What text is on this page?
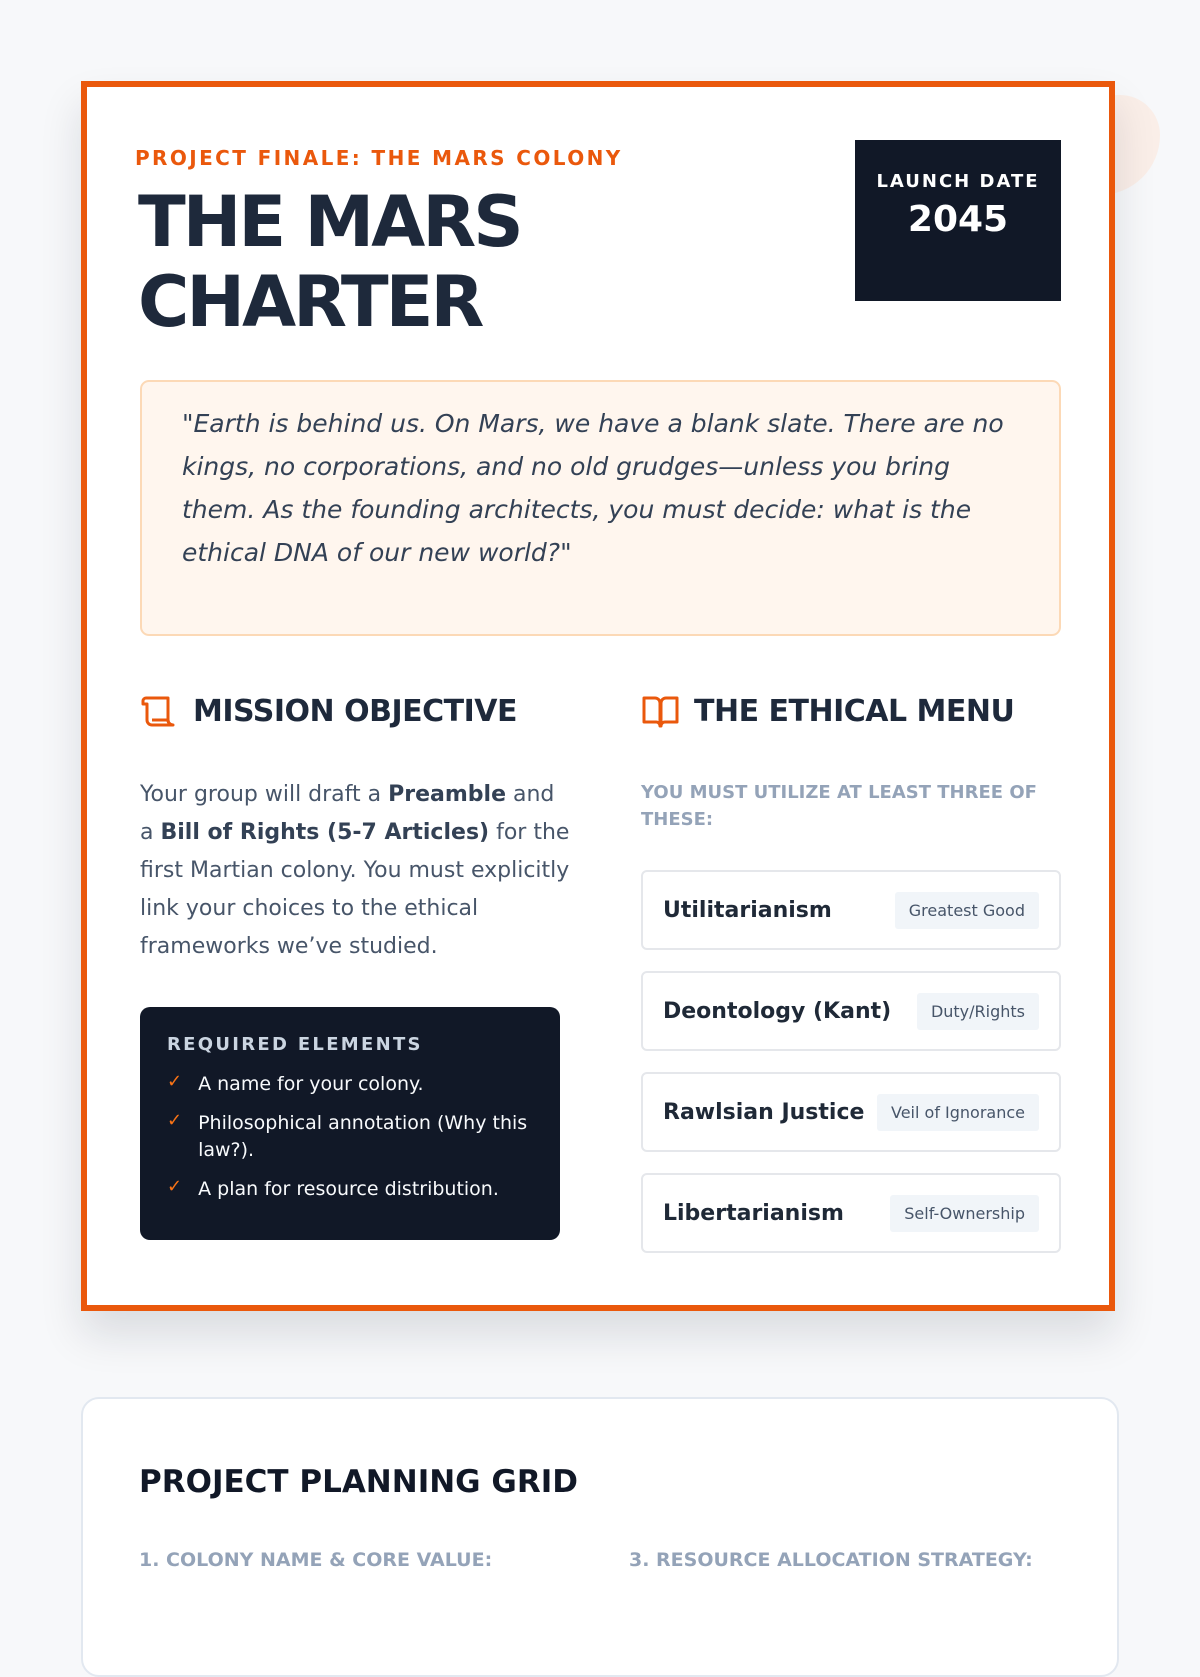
PROJECT FINALE: THE MARS COLONY
THE MARS CHARTER
LAUNCH DATE
2045
"Earth is behind us. On Mars, we have a blank slate. There are no kings, no corporations, and no old grudges—unless you bring them. As the founding architects, you must decide: what is the ethical DNA of our new world?"
MISSION OBJECTIVE
Your group will draft a Preamble and a Bill of Rights (5-7 Articles) for the first Martian colony. You must explicitly link your choices to the ethical frameworks we’ve studied.
REQUIRED ELEMENTS
✓ A name for your colony.
✓ Philosophical annotation (Why this law?).
✓ A plan for resource distribution.
THE ETHICAL MENU
YOU MUST UTILIZE AT LEAST THREE OF THESE:
Utilitarianism	Greatest Good
Deontology (Kant)	Duty/Rights
Rawlsian Justice	Veil of Ignorance
Libertarianism	Self-Ownership
PROJECT PLANNING GRID
1. COLONY NAME & CORE VALUE:	3. RESOURCE ALLOCATION STRATEGY:
